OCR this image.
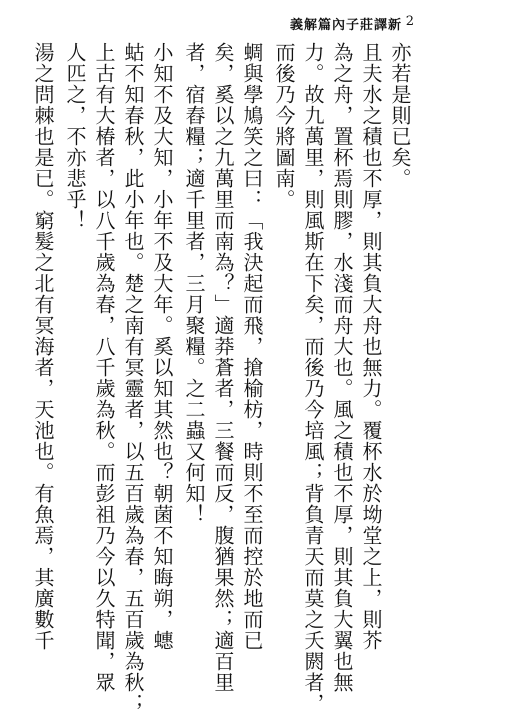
義解篇內子莊譯新 2
亦若是則已矣。
且夫水之積也不厚，則其負大舟也無力。覆杯水於坳堂之上，則芥
為之舟，置杯焉則膠，水淺而舟大也。風之積也不厚，則其負大翼也無
力。故九萬里，則風斯在下矣，而後乃今培風；背負青天而莫之夭閼者，
而後乃今將圖南。
蜩與學鳩笑之曰：「我決起而飛，搶榆枋，時則不至而控於地而已
矣，奚以之九萬里而南為？」適莽蒼者，三餐而反，腹猶果然；適百里
者，宿舂糧；適千里者，三月聚糧。之二蟲又何知！
小知不及大知，小年不及大年。奚以知其然也？朝菌不知晦朔，蟪
蛄不知春秋，此小年也。楚之南有冥靈者，以五百歲為春，五百歲為秋；
上古有大椿者，以八千歲為春，八千歲為秋。而彭祖乃今以久特聞，眾
人匹之，不亦悲乎！
湯之問棘也是已。窮髮之北有冥海者，天池也。有魚焉，其廣數千
